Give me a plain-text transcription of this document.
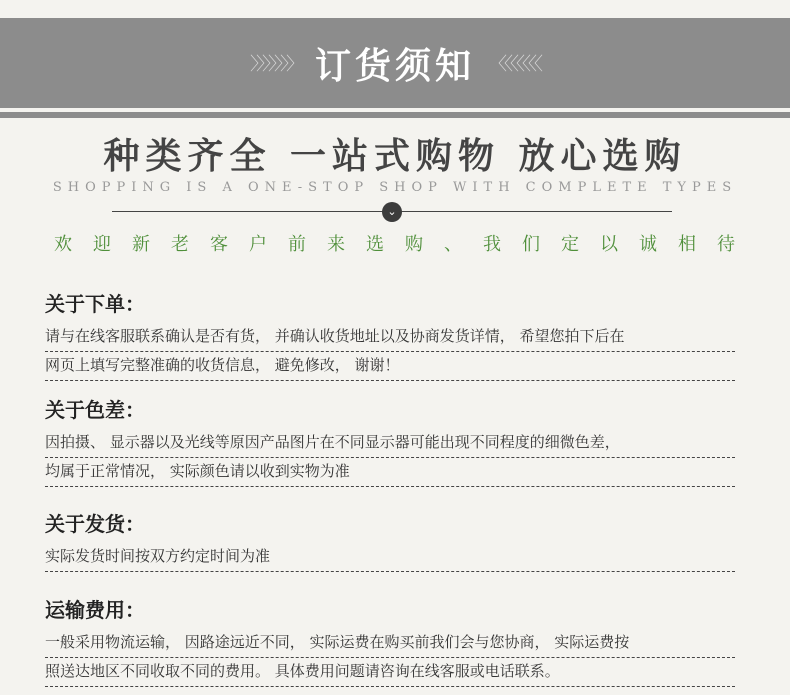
〉〉〉〉〉〉〉 订货须知 〈〈〈〈〈〈〈
种类齐全 一站式购物 放心选购
SHOPPING IS A ONE-STOP SHOP WITH COMPLETE TYPES
⌄
欢迎新老客户前来选购、我们定以诚相待
关于下单：
请与在线客服联系确认是否有货， 并确认收货地址以及协商发货详情， 希望您拍下后在
网页上填写完整准确的收货信息， 避免修改， 谢谢！
关于色差：
因拍摄、 显示器以及光线等原因产品图片在不同显示器可能出现不同程度的细微色差，
均属于正常情况， 实际颜色请以收到实物为准
关于发货：
实际发货时间按双方约定时间为准
运输费用：
一般采用物流运输， 因路途远近不同， 实际运费在购买前我们会与您协商， 实际运费按
照送达地区不同收取不同的费用。 具体费用问题请咨询在线客服或电话联系。
